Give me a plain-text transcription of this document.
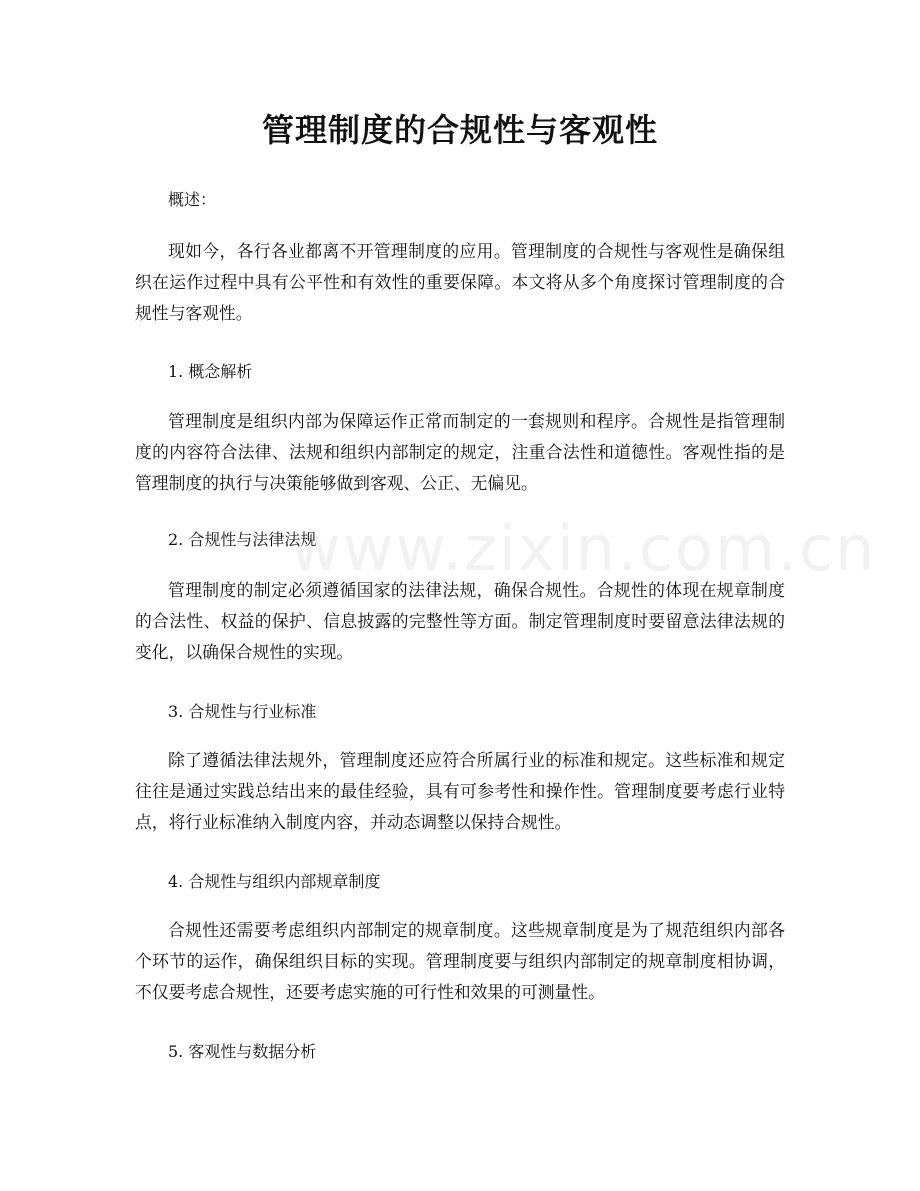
www.zixin.com.cn
管理制度的合规性与客观性

概述：

现如今，各行各业都离不开管理制度的应用。管理制度的合规性与客观性是确保组织在运作过程中具有公平性和有效性的重要保障。本文将从多个角度探讨管理制度的合规性与客观性。

1. 概念解析

管理制度是组织内部为保障运作正常而制定的一套规则和程序。合规性是指管理制度的内容符合法律、法规和组织内部制定的规定，注重合法性和道德性。客观性指的是管理制度的执行与决策能够做到客观、公正、无偏见。

2. 合规性与法律法规

管理制度的制定必须遵循国家的法律法规，确保合规性。合规性的体现在规章制度的合法性、权益的保护、信息披露的完整性等方面。制定管理制度时要留意法律法规的变化，以确保合规性的实现。

3. 合规性与行业标准

除了遵循法律法规外，管理制度还应符合所属行业的标准和规定。这些标准和规定往往是通过实践总结出来的最佳经验，具有可参考性和操作性。管理制度要考虑行业特点，将行业标准纳入制度内容，并动态调整以保持合规性。

4. 合规性与组织内部规章制度

合规性还需要考虑组织内部制定的规章制度。这些规章制度是为了规范组织内部各个环节的运作，确保组织目标的实现。管理制度要与组织内部制定的规章制度相协调，不仅要考虑合规性，还要考虑实施的可行性和效果的可测量性。

5. 客观性与数据分析
